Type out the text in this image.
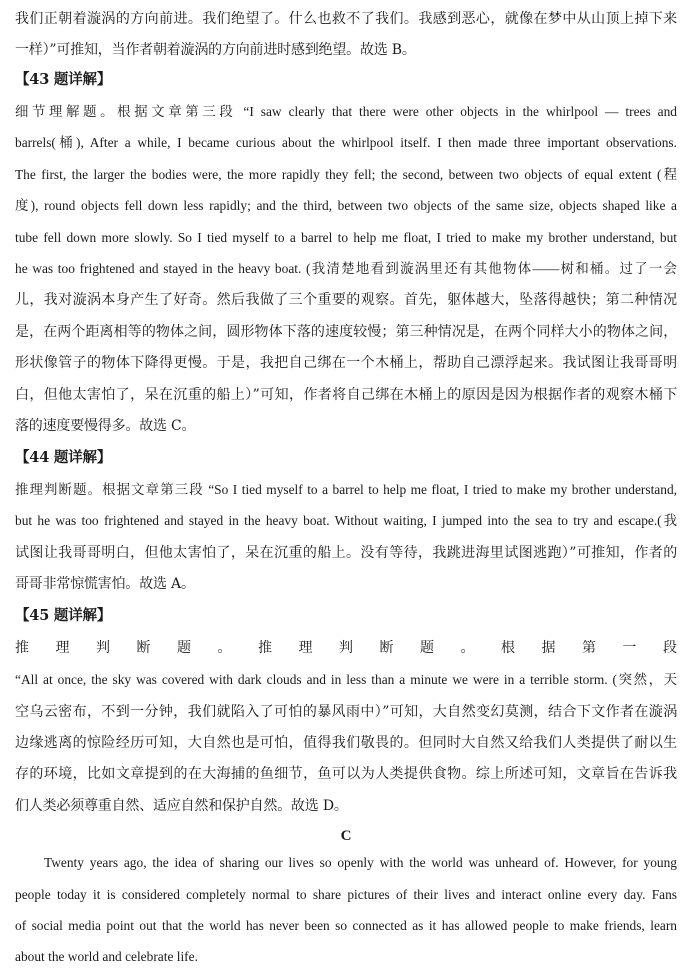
我们正朝着漩涡的方向前进。我们绝望了。什么也救不了我们。我感到恶心，就像在梦中从山顶上掉下来
一样）”可推知，当作者朝着漩涡的方向前进时感到绝望。故选 B。
【43 题详解】
细节理解题。根据文章第三段 “I saw clearly that there were other objects in the whirlpool — trees and
barrels(桶), After a while, I became curious about the whirlpool itself. I then made three important observations.
The first, the larger the bodies were, the more rapidly they fell; the second, between two objects of equal extent (程
度), round objects fell down less rapidly; and the third, between two objects of the same size, objects shaped like a
tube fell down more slowly. So I tied myself to a barrel to help me float, I tried to make my brother understand, but
he was too frightened and stayed in the heavy boat. (我清楚地看到漩涡里还有其他物体——树和桶。过了一会
儿，我对漩涡本身产生了好奇。然后我做了三个重要的观察。首先，躯体越大，坠落得越快；第二种情况
是，在两个距离相等的物体之间，圆形物体下落的速度较慢；第三种情况是，在两个同样大小的物体之间，
形状像管子的物体下降得更慢。于是，我把自己绑在一个木桶上，帮助自己漂浮起来。我试图让我哥哥明
白，但他太害怕了，呆在沉重的船上）”可知，作者将自己绑在木桶上的原因是因为根据作者的观察木桶下
落的速度要慢得多。故选 C。
【44 题详解】
推理判断题。根据文章第三段 “So I tied myself to a barrel to help me float, I tried to make my brother understand,
but he was too frightened and stayed in the heavy boat. Without waiting, I jumped into the sea to try and escape.(我
试图让我哥哥明白，但他太害怕了，呆在沉重的船上。没有等待，我跳进海里试图逃跑）”可推知，作者的
哥哥非常惊慌害怕。故选 A。
【45 题详解】
推 理 判 断 题 。 推 理 判 断 题 。 根 据 第 一 段
“All at once, the sky was covered with dark clouds and in less than a minute we were in a terrible storm. (突然，天
空乌云密布，不到一分钟，我们就陷入了可怕的暴风雨中）”可知，大自然变幻莫测，结合下文作者在漩涡
边缘逃离的惊险经历可知，大自然也是可怕，值得我们敬畏的。但同时大自然又给我们人类提供了耐以生
存的环境，比如文章提到的在大海捕的鱼细节，鱼可以为人类提供食物。综上所述可知，文章旨在告诉我
们人类必须尊重自然、适应自然和保护自然。故选 D。
C
Twenty years ago, the idea of sharing our lives so openly with the world was unheard of. However, for young
people today it is considered completely normal to share pictures of their lives and interact online every day. Fans
of social media point out that the world has never been so connected as it has allowed people to make friends, learn
about the world and celebrate life.
